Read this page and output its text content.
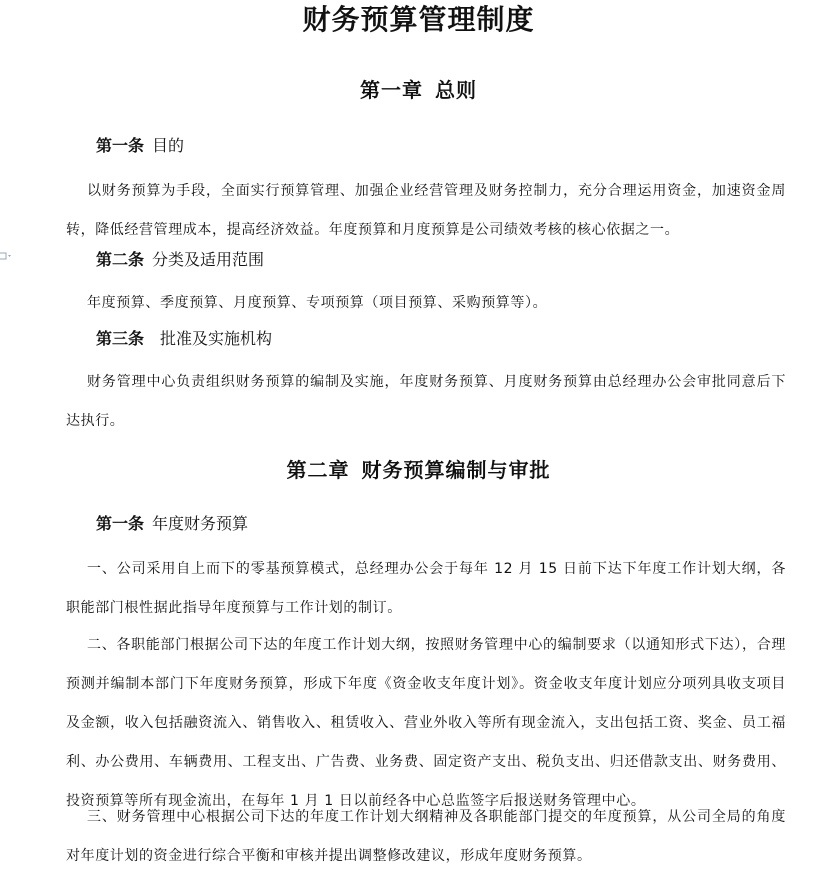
财务预算管理制度
第一章 总则
第一条 目的
以财务预算为手段，全面实行预算管理、加强企业经营管理及财务控制力，充分合理运用资金，加速资金周转，降低经营管理成本，提高经济效益。年度预算和月度预算是公司绩效考核的核心依据之一。
第二条 分类及适用范围
年度预算、季度预算、月度预算、专项预算（项目预算、采购预算等）。
第三条 批准及实施机构
财务管理中心负责组织财务预算的编制及实施，年度财务预算、月度财务预算由总经理办公会审批同意后下达执行。
第二章 财务预算编制与审批
第一条 年度财务预算
一、公司采用自上而下的零基预算模式，总经理办公会于每年 12 月 15 日前下达下年度工作计划大纲，各职能部门根性据此指导年度预算与工作计划的制订。
二、各职能部门根据公司下达的年度工作计划大纲，按照财务管理中心的编制要求（以通知形式下达），合理预测并编制本部门下年度财务预算，形成下年度《资金收支年度计划》。资金收支年度计划应分项列具收支项目及金额，收入包括融资流入、销售收入、租赁收入、营业外收入等所有现金流入，支出包括工资、奖金、员工福利、办公费用、车辆费用、工程支出、广告费、业务费、固定资产支出、税负支出、归还借款支出、财务费用、投资预算等所有现金流出，在每年 1 月 1 日以前经各中心总监签字后报送财务管理中心。
三、财务管理中心根据公司下达的年度工作计划大纲精神及各职能部门提交的年度预算，从公司全局的角度对年度计划的资金进行综合平衡和审核并提出调整修改建议，形成年度财务预算。
